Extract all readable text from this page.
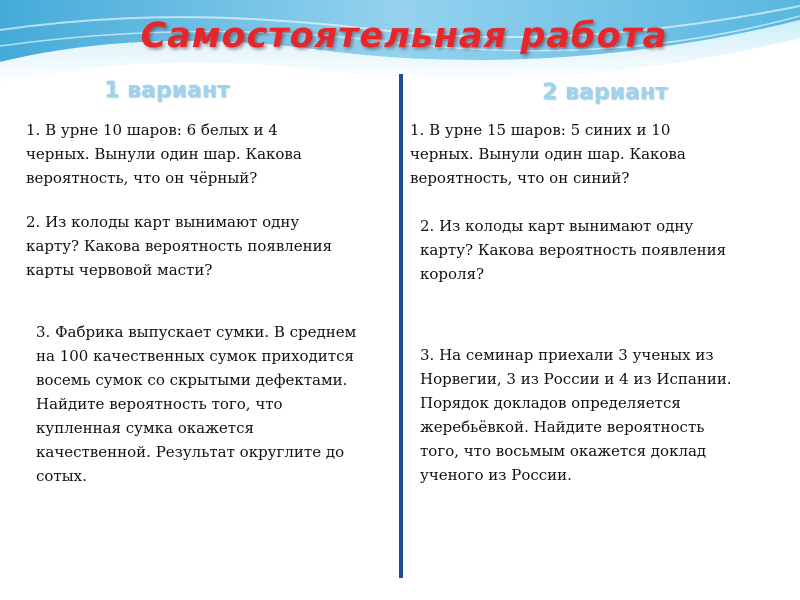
Самостоятельная работа
1 вариант	2 вариант
1. В урне 10 шаров: 6 белых и 4 черных. Вынули один шар. Какова вероятность, что он чёрный?
2. Из колоды карт вынимают одну карту? Какова вероятность появления карты червовой масти?
3. Фабрика выпускает сумки. В среднем на 100 качественных сумок приходится восемь сумок со скрытыми дефектами. Найдите вероятность того, что купленная сумка окажется качественной. Результат округлите до сотых.
1. В урне 15 шаров: 5 синих и 10 черных. Вынули один шар. Какова вероятность, что он синий?
2. Из колоды карт вынимают одну карту? Какова вероятность появления короля?
3. На семинар приехали 3 ученых из Норвегии, 3 из России и 4 из Испании. Порядок докладов определяется жеребьёвкой. Найдите вероятность того, что восьмым окажется доклад ученого из России.
